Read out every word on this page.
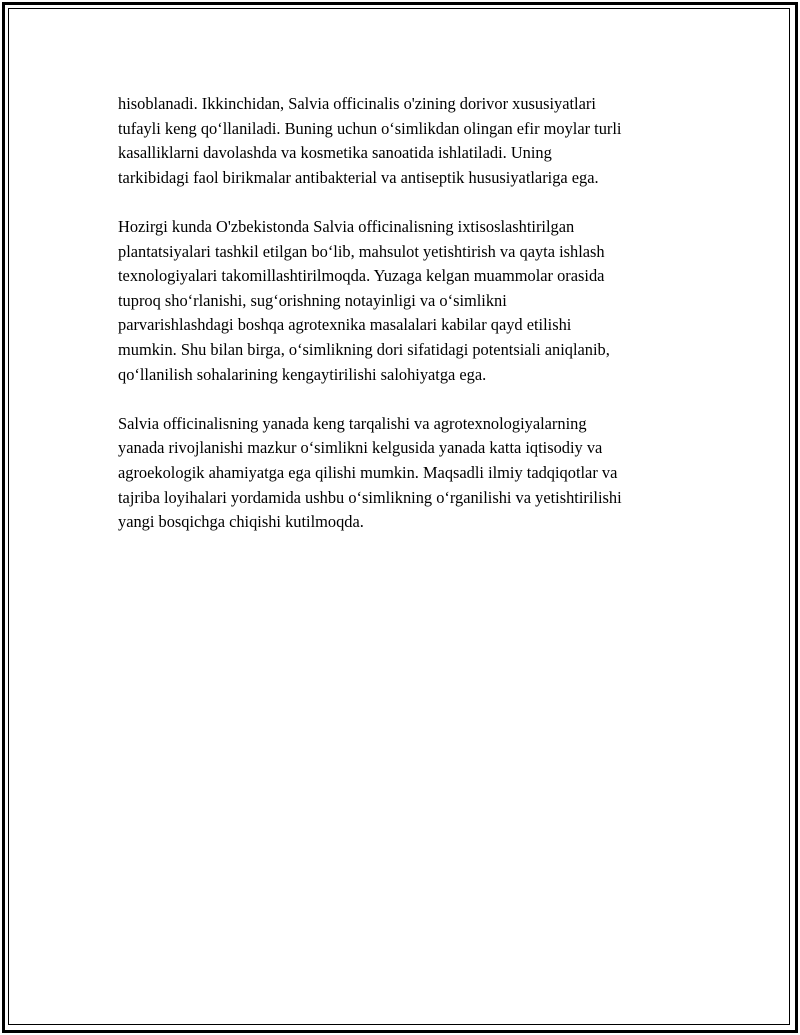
hisoblanadi. Ikkinchidan, Salvia officinalis o'zining dorivor xususiyatlari
tufayli keng qo‘llaniladi. Buning uchun o‘simlikdan olingan efir moylar turli
kasalliklarni davolashda va kosmetika sanoatida ishlatiladi. Uning
tarkibidagi faol birikmalar antibakterial va antiseptik hususiyatlariga ega.

Hozirgi kunda O'zbekistonda Salvia officinalisning ixtisoslashtirilgan
plantatsiyalari tashkil etilgan bo‘lib, mahsulot yetishtirish va qayta ishlash
texnologiyalari takomillashtirilmoqda. Yuzaga kelgan muammolar orasida
tuproq sho‘rlanishi, sug‘orishning notayinligi va o‘simlikni
parvarishlashdagi boshqa agrotexnika masalalari kabilar qayd etilishi
mumkin. Shu bilan birga, o‘simlikning dori sifatidagi potentsiali aniqlanib,
qo‘llanilish sohalarining kengaytirilishi salohiyatga ega.

Salvia officinalisning yanada keng tarqalishi va agrotexnologiyalarning
yanada rivojlanishi mazkur o‘simlikni kelgusida yanada katta iqtisodiy va
agroekologik ahamiyatga ega qilishi mumkin. Maqsadli ilmiy tadqiqotlar va
tajriba loyihalari yordamida ushbu o‘simlikning o‘rganilishi va yetishtirilishi
yangi bosqichga chiqishi kutilmoqda.
